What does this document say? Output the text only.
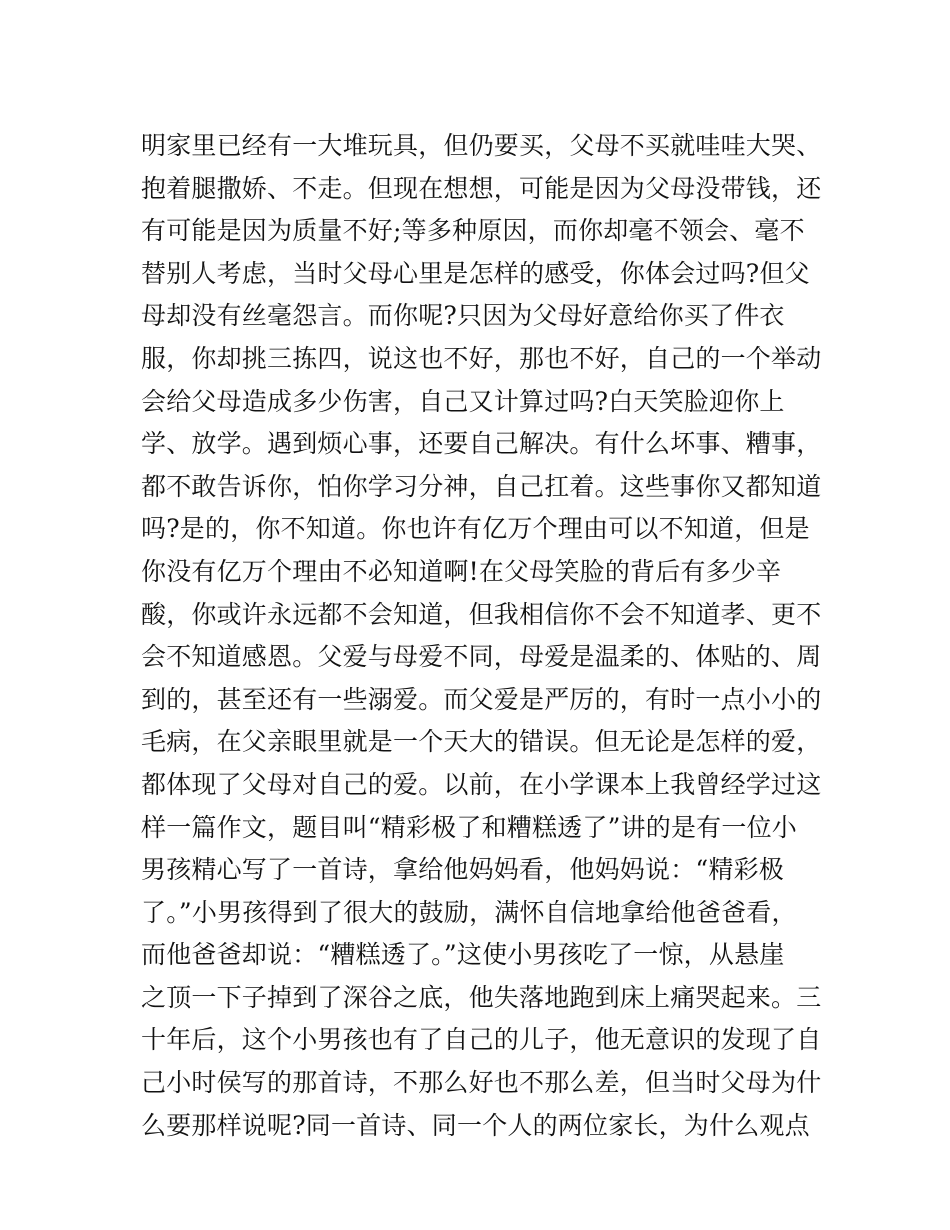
明家里已经有一大堆玩具，但仍要买，父母不买就哇哇大哭、
抱着腿撒娇、不走。但现在想想，可能是因为父母没带钱，还
有可能是因为质量不好;等多种原因，而你却毫不领会、毫不
替别人考虑，当时父母心里是怎样的感受，你体会过吗?但父
母却没有丝毫怨言。而你呢?只因为父母好意给你买了件衣
服，你却挑三拣四，说这也不好，那也不好，自己的一个举动
会给父母造成多少伤害，自己又计算过吗?白天笑脸迎你上
学、放学。遇到烦心事，还要自己解决。有什么坏事、糟事，
都不敢告诉你，怕你学习分神，自己扛着。这些事你又都知道
吗?是的，你不知道。你也许有亿万个理由可以不知道，但是
你没有亿万个理由不必知道啊!在父母笑脸的背后有多少辛
酸，你或许永远都不会知道，但我相信你不会不知道孝、更不
会不知道感恩。父爱与母爱不同，母爱是温柔的、体贴的、周
到的，甚至还有一些溺爱。而父爱是严厉的，有时一点小小的
毛病，在父亲眼里就是一个天大的错误。但无论是怎样的爱，
都体现了父母对自己的爱。以前，在小学课本上我曾经学过这
样一篇作文，题目叫“精彩极了和糟糕透了”讲的是有一位小
男孩精心写了一首诗，拿给他妈妈看，他妈妈说：“精彩极
了。”小男孩得到了很大的鼓励，满怀自信地拿给他爸爸看，
而他爸爸却说：“糟糕透了。”这使小男孩吃了一惊，从悬崖
之顶一下子掉到了深谷之底，他失落地跑到床上痛哭起来。三
十年后，这个小男孩也有了自己的儿子，他无意识的发现了自
己小时侯写的那首诗，不那么好也不那么差，但当时父母为什
么要那样说呢?同一首诗、同一个人的两位家长，为什么观点
